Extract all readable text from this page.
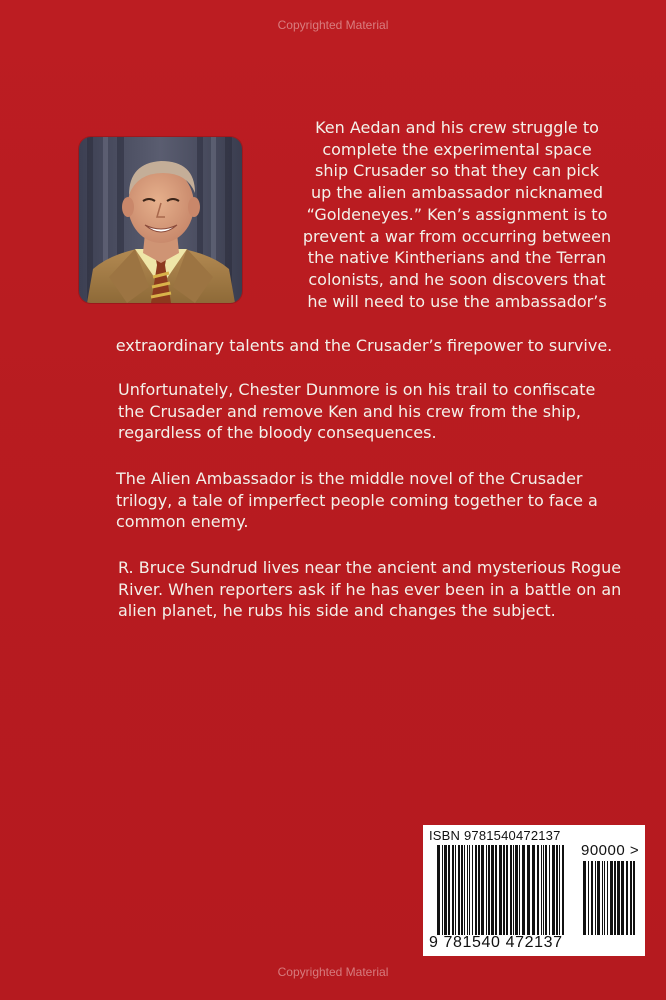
Copyrighted Material
Ken Aedan and his crew struggle to
complete the experimental space
ship Crusader so that they can pick
up the alien ambassador nicknamed
“Goldeneyes.” Ken’s assignment is to
prevent a war from occurring between
the native Kintherians and the Terran
colonists, and he soon discovers that
he will need to use the ambassador’s
extraordinary talents and the Crusader’s firepower to survive.
Unfortunately, Chester Dunmore is on his trail to confiscate
the Crusader and remove Ken and his crew from the ship,
regardless of the bloody consequences.
The Alien Ambassador is the middle novel of the Crusader
trilogy, a tale of imperfect people coming together to face a
common enemy.
R. Bruce Sundrud lives near the ancient and mysterious Rogue
River. When reporters ask if he has ever been in a battle on an
alien planet, he rubs his side and changes the subject.
ISBN 9781540472137
90000 >
9 781540 472137
Copyrighted Material
